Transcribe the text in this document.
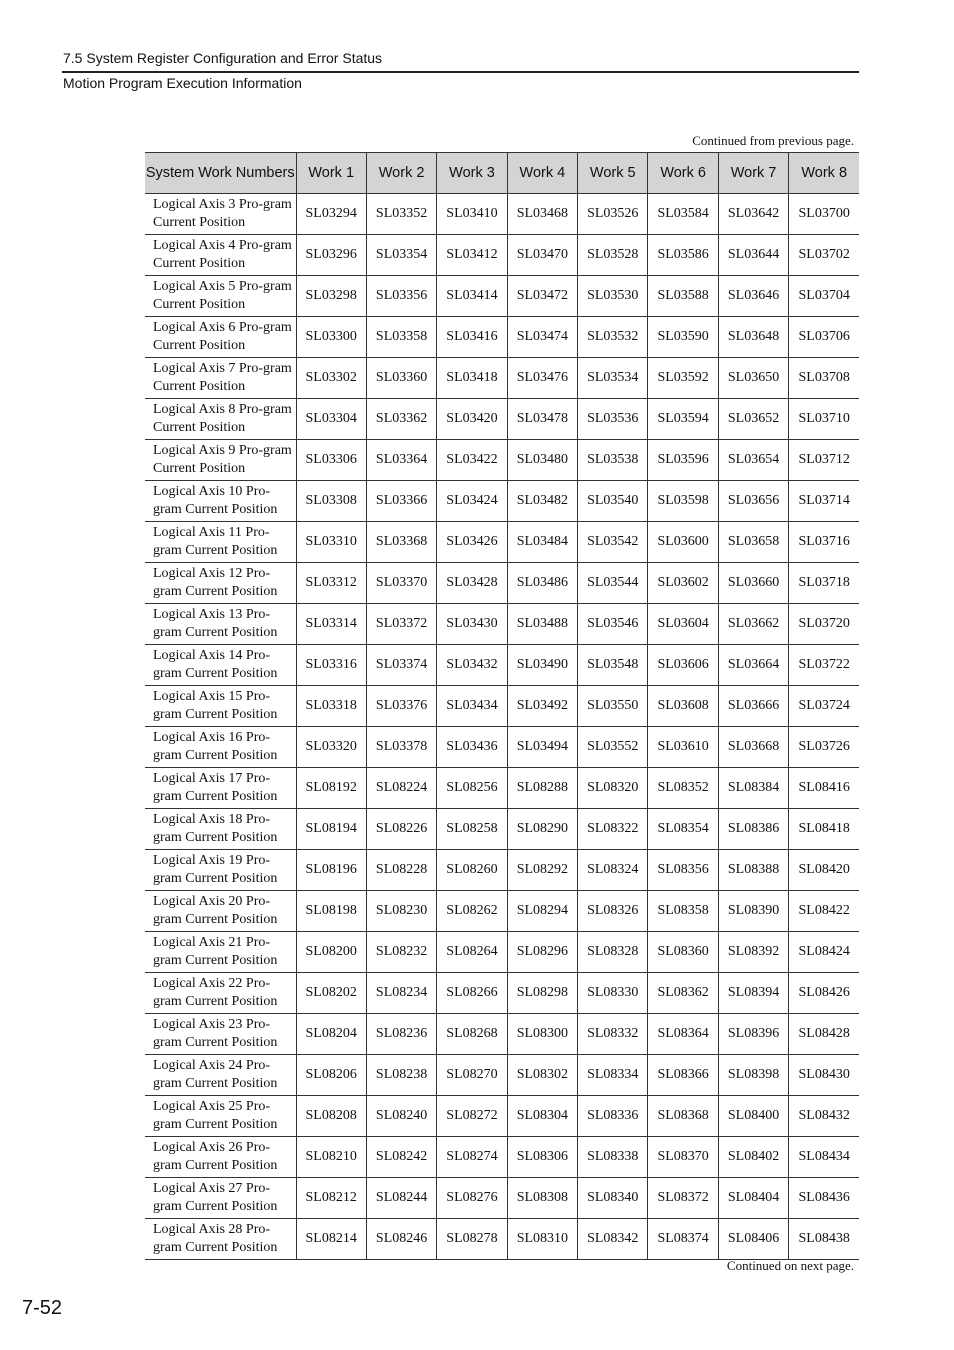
7.5 System Register Configuration and Error Status
Motion Program Execution Information
Continued from previous page.
System Work Numbers	Work 1	Work 2	Work 3	Work 4	Work 5	Work 6	Work 7	Work 8
Logical Axis 3 Pro-gram Current Position	SL03294	SL03352	SL03410	SL03468	SL03526	SL03584	SL03642	SL03700
Logical Axis 4 Pro-gram Current Position	SL03296	SL03354	SL03412	SL03470	SL03528	SL03586	SL03644	SL03702
Logical Axis 5 Pro-gram Current Position	SL03298	SL03356	SL03414	SL03472	SL03530	SL03588	SL03646	SL03704
Logical Axis 6 Pro-gram Current Position	SL03300	SL03358	SL03416	SL03474	SL03532	SL03590	SL03648	SL03706
Logical Axis 7 Pro-gram Current Position	SL03302	SL03360	SL03418	SL03476	SL03534	SL03592	SL03650	SL03708
Logical Axis 8 Pro-gram Current Position	SL03304	SL03362	SL03420	SL03478	SL03536	SL03594	SL03652	SL03710
Logical Axis 9 Pro-gram Current Position	SL03306	SL03364	SL03422	SL03480	SL03538	SL03596	SL03654	SL03712
Logical Axis 10 Pro-gram Current Position	SL03308	SL03366	SL03424	SL03482	SL03540	SL03598	SL03656	SL03714
Logical Axis 11 Pro-gram Current Position	SL03310	SL03368	SL03426	SL03484	SL03542	SL03600	SL03658	SL03716
Logical Axis 12 Pro-gram Current Position	SL03312	SL03370	SL03428	SL03486	SL03544	SL03602	SL03660	SL03718
Logical Axis 13 Pro-gram Current Position	SL03314	SL03372	SL03430	SL03488	SL03546	SL03604	SL03662	SL03720
Logical Axis 14 Pro-gram Current Position	SL03316	SL03374	SL03432	SL03490	SL03548	SL03606	SL03664	SL03722
Logical Axis 15 Pro-gram Current Position	SL03318	SL03376	SL03434	SL03492	SL03550	SL03608	SL03666	SL03724
Logical Axis 16 Pro-gram Current Position	SL03320	SL03378	SL03436	SL03494	SL03552	SL03610	SL03668	SL03726
Logical Axis 17 Pro-gram Current Position	SL08192	SL08224	SL08256	SL08288	SL08320	SL08352	SL08384	SL08416
Logical Axis 18 Pro-gram Current Position	SL08194	SL08226	SL08258	SL08290	SL08322	SL08354	SL08386	SL08418
Logical Axis 19 Pro-gram Current Position	SL08196	SL08228	SL08260	SL08292	SL08324	SL08356	SL08388	SL08420
Logical Axis 20 Pro-gram Current Position	SL08198	SL08230	SL08262	SL08294	SL08326	SL08358	SL08390	SL08422
Logical Axis 21 Pro-gram Current Position	SL08200	SL08232	SL08264	SL08296	SL08328	SL08360	SL08392	SL08424
Logical Axis 22 Pro-gram Current Position	SL08202	SL08234	SL08266	SL08298	SL08330	SL08362	SL08394	SL08426
Logical Axis 23 Pro-gram Current Position	SL08204	SL08236	SL08268	SL08300	SL08332	SL08364	SL08396	SL08428
Logical Axis 24 Pro-gram Current Position	SL08206	SL08238	SL08270	SL08302	SL08334	SL08366	SL08398	SL08430
Logical Axis 25 Pro-gram Current Position	SL08208	SL08240	SL08272	SL08304	SL08336	SL08368	SL08400	SL08432
Logical Axis 26 Pro-gram Current Position	SL08210	SL08242	SL08274	SL08306	SL08338	SL08370	SL08402	SL08434
Logical Axis 27 Pro-gram Current Position	SL08212	SL08244	SL08276	SL08308	SL08340	SL08372	SL08404	SL08436
Logical Axis 28 Pro-gram Current Position	SL08214	SL08246	SL08278	SL08310	SL08342	SL08374	SL08406	SL08438
Continued on next page.
7-52
